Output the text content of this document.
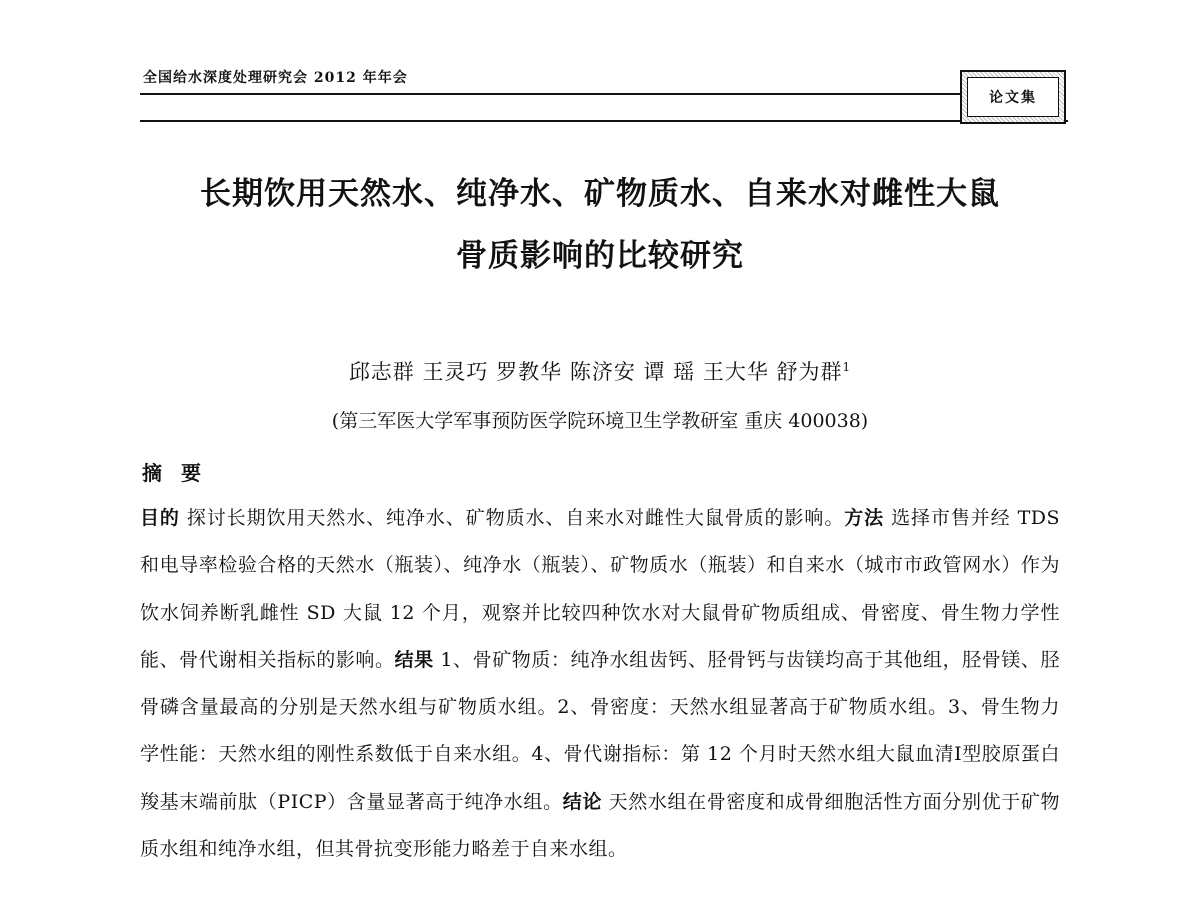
全国给水深度处理研究会 2012 年年会
论文集
长期饮用天然水、纯净水、矿物质水、自来水对雌性大鼠
骨质影响的比较研究
邱志群 王灵巧 罗教华 陈济安 谭 瑶 王大华 舒为群$^1$
(第三军医大学军事预防医学院环境卫生学教研室 重庆 400038)
摘 要
目的 探讨长期饮用天然水、纯净水、矿物质水、自来水对雌性大鼠骨质的影响。方法 选择市售并经 TDS 和电导率检验合格的天然水（瓶装）、纯净水（瓶装）、矿物质水（瓶装）和自来水（城市市政管网水）作为饮水饲养断乳雌性 SD 大鼠 12 个月，观察并比较四种饮水对大鼠骨矿物质组成、骨密度、骨生物力学性能、骨代谢相关指标的影响。结果 1、骨矿物质：纯净水组齿钙、胫骨钙与齿镁均高于其他组，胫骨镁、胫骨磷含量最高的分别是天然水组与矿物质水组。2、骨密度：天然水组显著高于矿物质水组。3、骨生物力学性能：天然水组的刚性系数低于自来水组。4、骨代谢指标：第 12 个月时天然水组大鼠血清Ⅰ型胶原蛋白羧基末端前肽（PICP）含量显著高于纯净水组。结论 天然水组在骨密度和成骨细胞活性方面分别优于矿物质水组和纯净水组，但其骨抗变形能力略差于自来水组。
